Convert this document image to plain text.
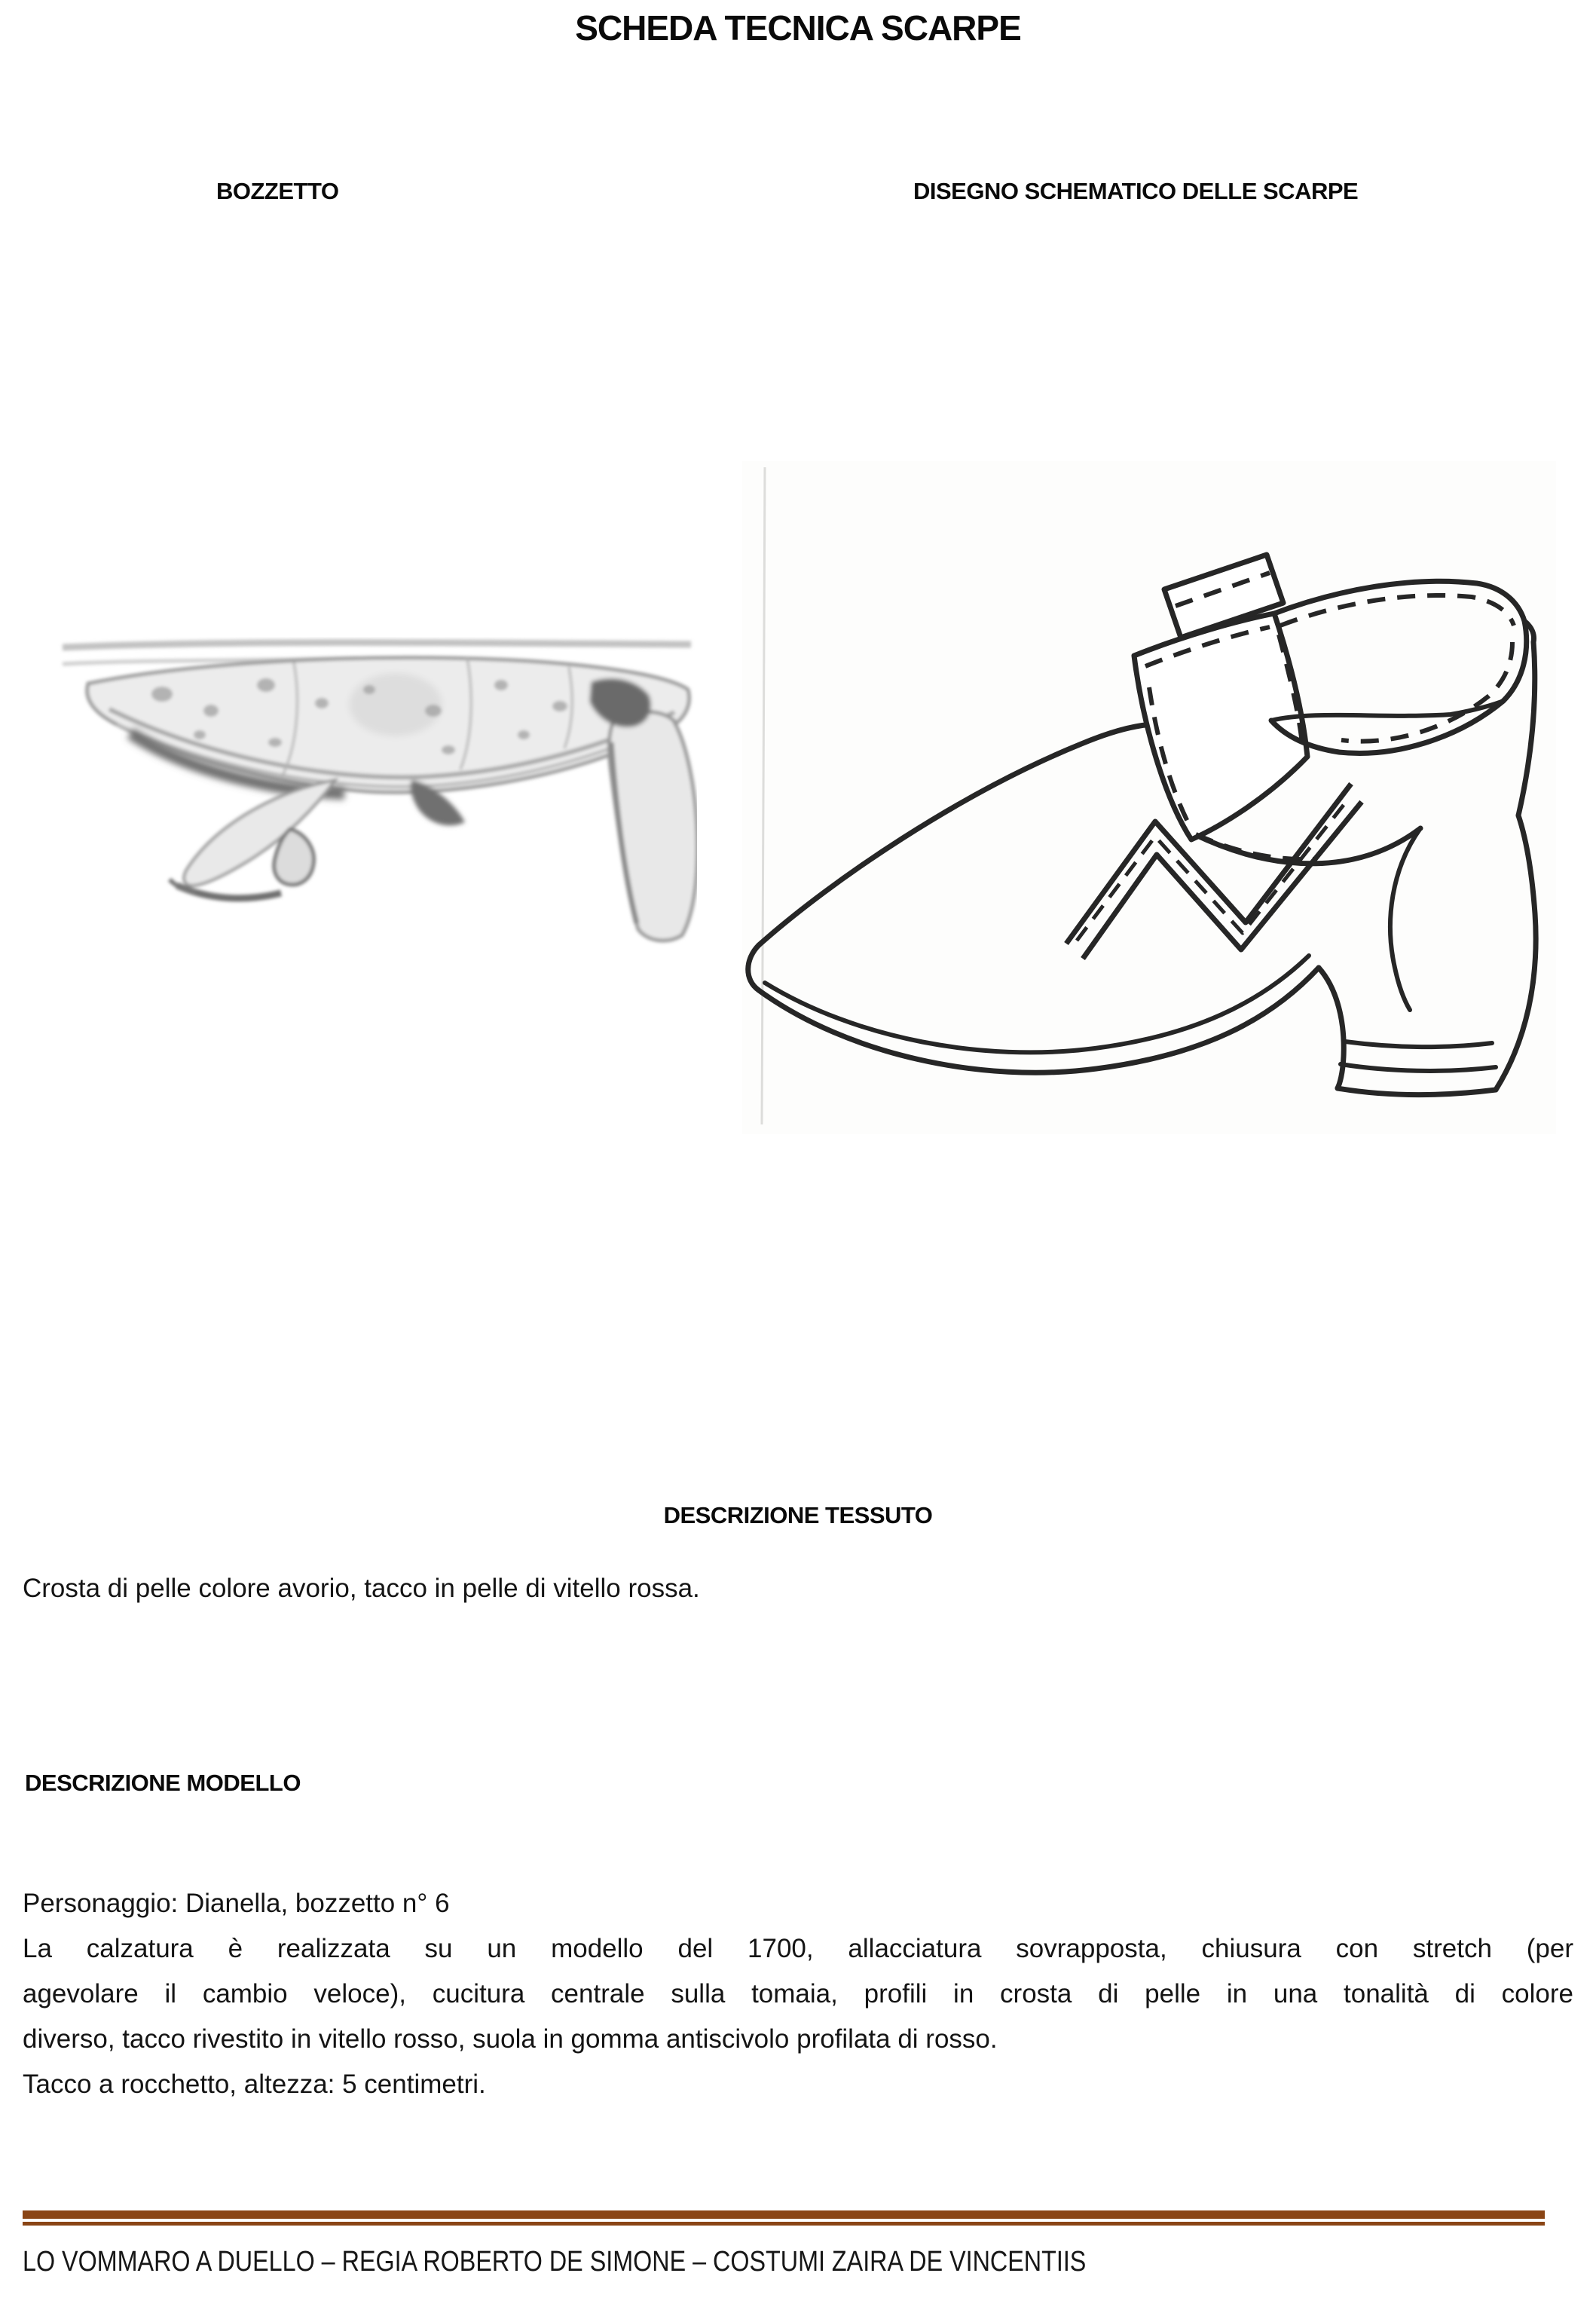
SCHEDA TECNICA SCARPE
BOZZETTO	DISEGNO SCHEMATICO DELLE SCARPE
DESCRIZIONE TESSUTO
Crosta di pelle colore avorio, tacco in pelle di vitello rossa.
DESCRIZIONE MODELLO
Personaggio: Dianella, bozzetto n° 6
La calzatura è realizzata su un modello del 1700, allacciatura sovrapposta, chiusura con stretch (per
agevolare il cambio veloce), cucitura centrale sulla tomaia, profili in crosta di pelle in una tonalità di colore
diverso, tacco rivestito in vitello rosso, suola in gomma antiscivolo profilata di rosso.
Tacco a rocchetto, altezza: 5 centimetri.
LO VOMMARO A DUELLO – REGIA ROBERTO DE SIMONE – COSTUMI ZAIRA DE VINCENTIIS
